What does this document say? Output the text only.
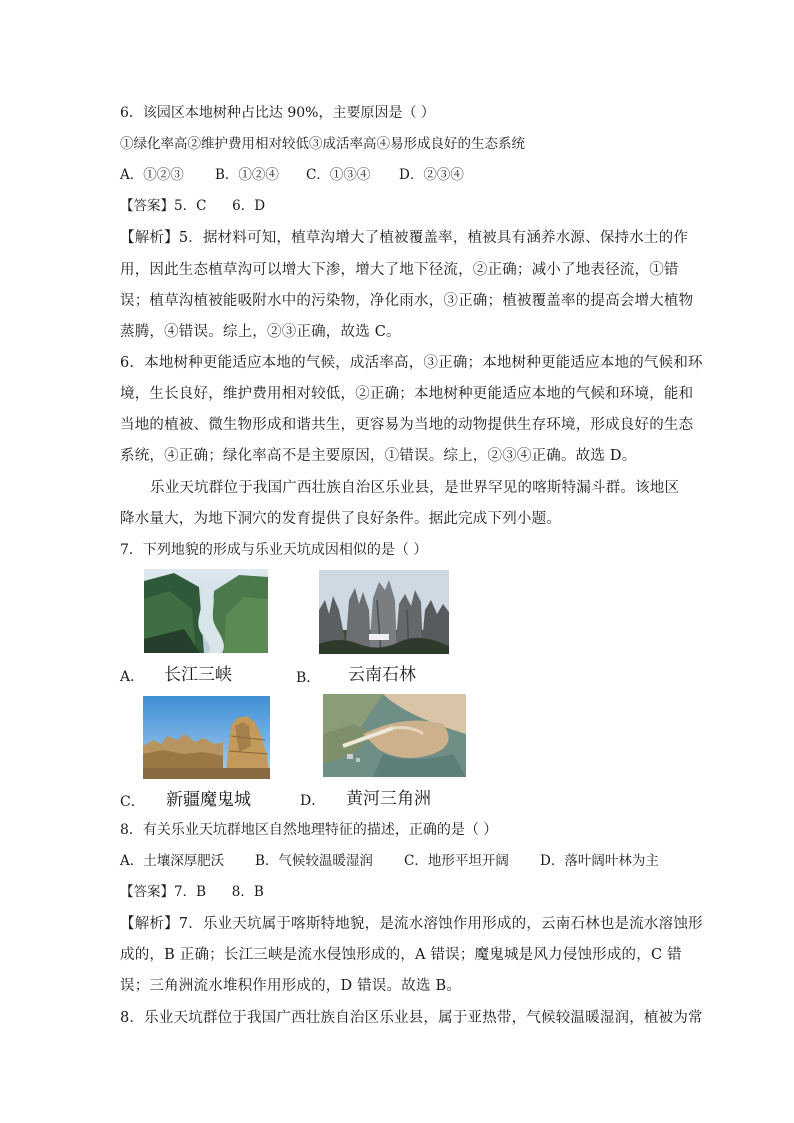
6．该园区本地树种占比达 90%，主要原因是（ ）
①绿化率高②维护费用相对较低③成活率高④易形成良好的生态系统
A．①②③ B．①②④ C．①③④ D．②③④
【答案】5．C      6．D
【解析】5．据材料可知，植草沟增大了植被覆盖率，植被具有涵养水源、保持水土的作
用，因此生态植草沟可以增大下渗，增大了地下径流，②正确；减小了地表径流，①错
误；植草沟植被能吸附水中的污染物，净化雨水，③正确；植被覆盖率的提高会增大植物
蒸腾，④错误。综上，②③正确，故选 C。
6．本地树种更能适应本地的气候，成活率高，③正确；本地树种更能适应本地的气候和环
境，生长良好，维护费用相对较低，②正确；本地树种更能适应本地的气候和环境，能和
当地的植被、微生物形成和谐共生，更容易为当地的动物提供生存环境，形成良好的生态
系统，④正确；绿化率高不是主要原因，①错误。综上，②③④正确。故选 D。
乐业天坑群位于我国广西壮族自治区乐业县，是世界罕见的喀斯特漏斗群。该地区
降水量大，为地下洞穴的发育提供了良好条件。据此完成下列小题。
7．下列地貌的形成与乐业天坑成因相似的是（ ）
A． 长江三峡	B． 云南石林
C． 新疆魔鬼城	D． 黄河三角洲
8．有关乐业天坑群地区自然地理特征的描述，正确的是（ ）
A．土壤深厚肥沃 B．气候较温暖湿润 C．地形平坦开阔 D．落叶阔叶林为主
【答案】7．B      8．B
【解析】7．乐业天坑属于喀斯特地貌，是流水溶蚀作用形成的，云南石林也是流水溶蚀形
成的，B 正确；长江三峡是流水侵蚀形成的，A 错误；魔鬼城是风力侵蚀形成的，C 错
误；三角洲流水堆积作用形成的，D 错误。故选 B。
8．乐业天坑群位于我国广西壮族自治区乐业县，属于亚热带，气候较温暖湿润，植被为常
